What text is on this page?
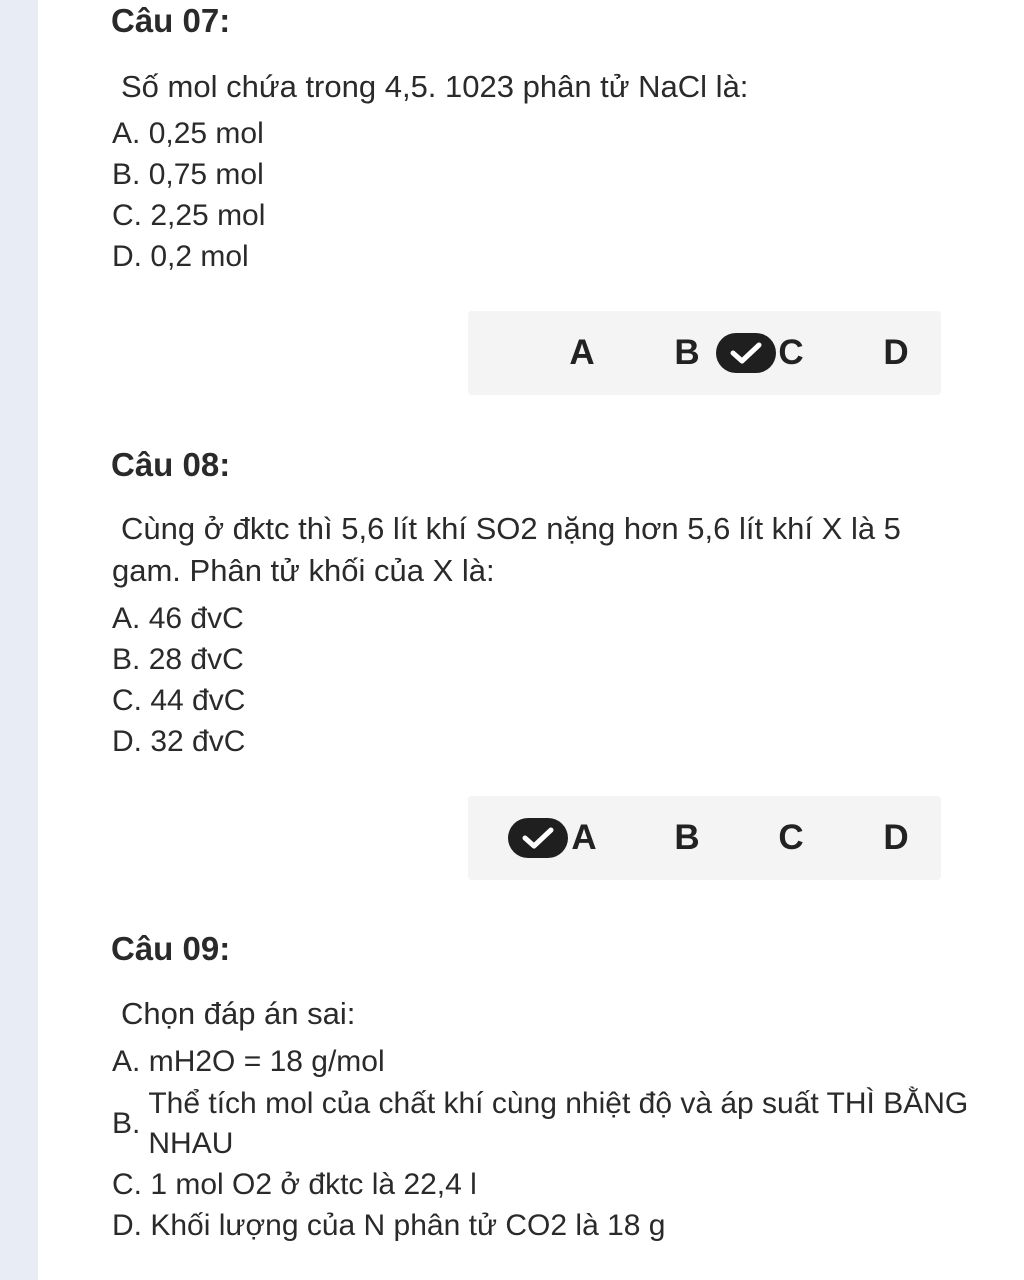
Câu 07:
Số mol chứa trong 4,5. 1023 phân tử NaCl là:
A. 0,25 mol
B. 0,75 mol
C. 2,25 mol
D. 0,2 mol
A B C D
Câu 08:
Cùng ở đktc thì 5,6 lít khí SO2 nặng hơn 5,6 lít khí X là 5 gam. Phân tử khối của X là:
A. 46 đvC
B. 28 đvC
C. 44 đvC
D. 32 đvC
A B C D
Câu 09:
Chọn đáp án sai:
A. mH2O = 18 g/mol
B.
Thể tích mol của chất khí cùng nhiệt độ và áp suất THÌ BẰNG NHAU
C. 1 mol O2 ở đktc là 22,4 l
D. Khối lượng của N phân tử CO2 là 18 g
